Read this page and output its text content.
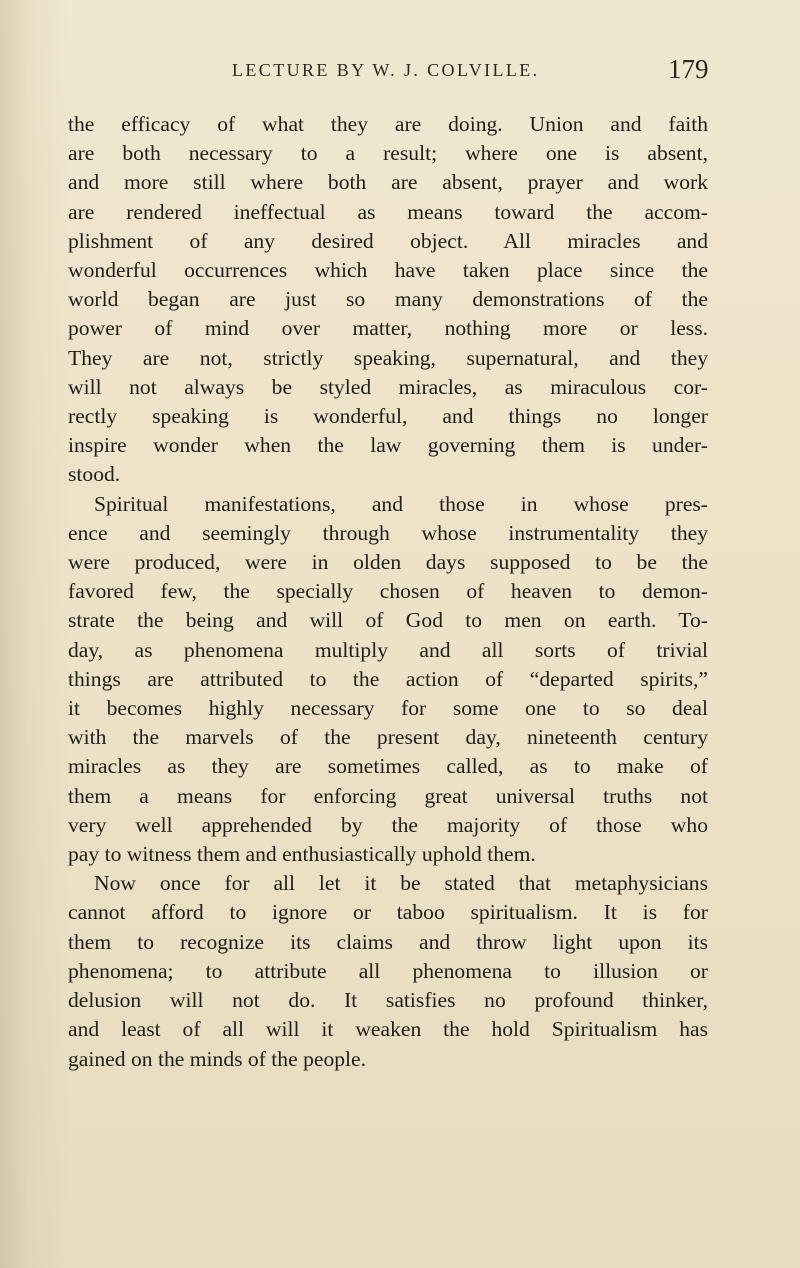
LECTURE BY W. J. COLVILLE.	179
the efficacy of what they are doing. Union and faith
are both necessary to a result; where one is absent,
and more still where both are absent, prayer and work
are rendered ineffectual as means toward the accom-
plishment of any desired object. All miracles and
wonderful occurrences which have taken place since the
world began are just so many demonstrations of the
power of mind over matter, nothing more or less.
They are not, strictly speaking, supernatural, and they
will not always be styled miracles, as miraculous cor-
rectly speaking is wonderful, and things no longer
inspire wonder when the law governing them is under-
stood.
Spiritual manifestations, and those in whose pres-
ence and seemingly through whose instrumentality they
were produced, were in olden days supposed to be the
favored few, the specially chosen of heaven to demon-
strate the being and will of God to men on earth. To-
day, as phenomena multiply and all sorts of trivial
things are attributed to the action of “departed spirits,”
it becomes highly necessary for some one to so deal
with the marvels of the present day, nineteenth century
miracles as they are sometimes called, as to make of
them a means for enforcing great universal truths not
very well apprehended by the majority of those who
pay to witness them and enthusiastically uphold them.
Now once for all let it be stated that metaphysicians
cannot afford to ignore or taboo spiritualism. It is for
them to recognize its claims and throw light upon its
phenomena; to attribute all phenomena to illusion or
delusion will not do. It satisfies no profound thinker,
and least of all will it weaken the hold Spiritualism has
gained on the minds of the people.
